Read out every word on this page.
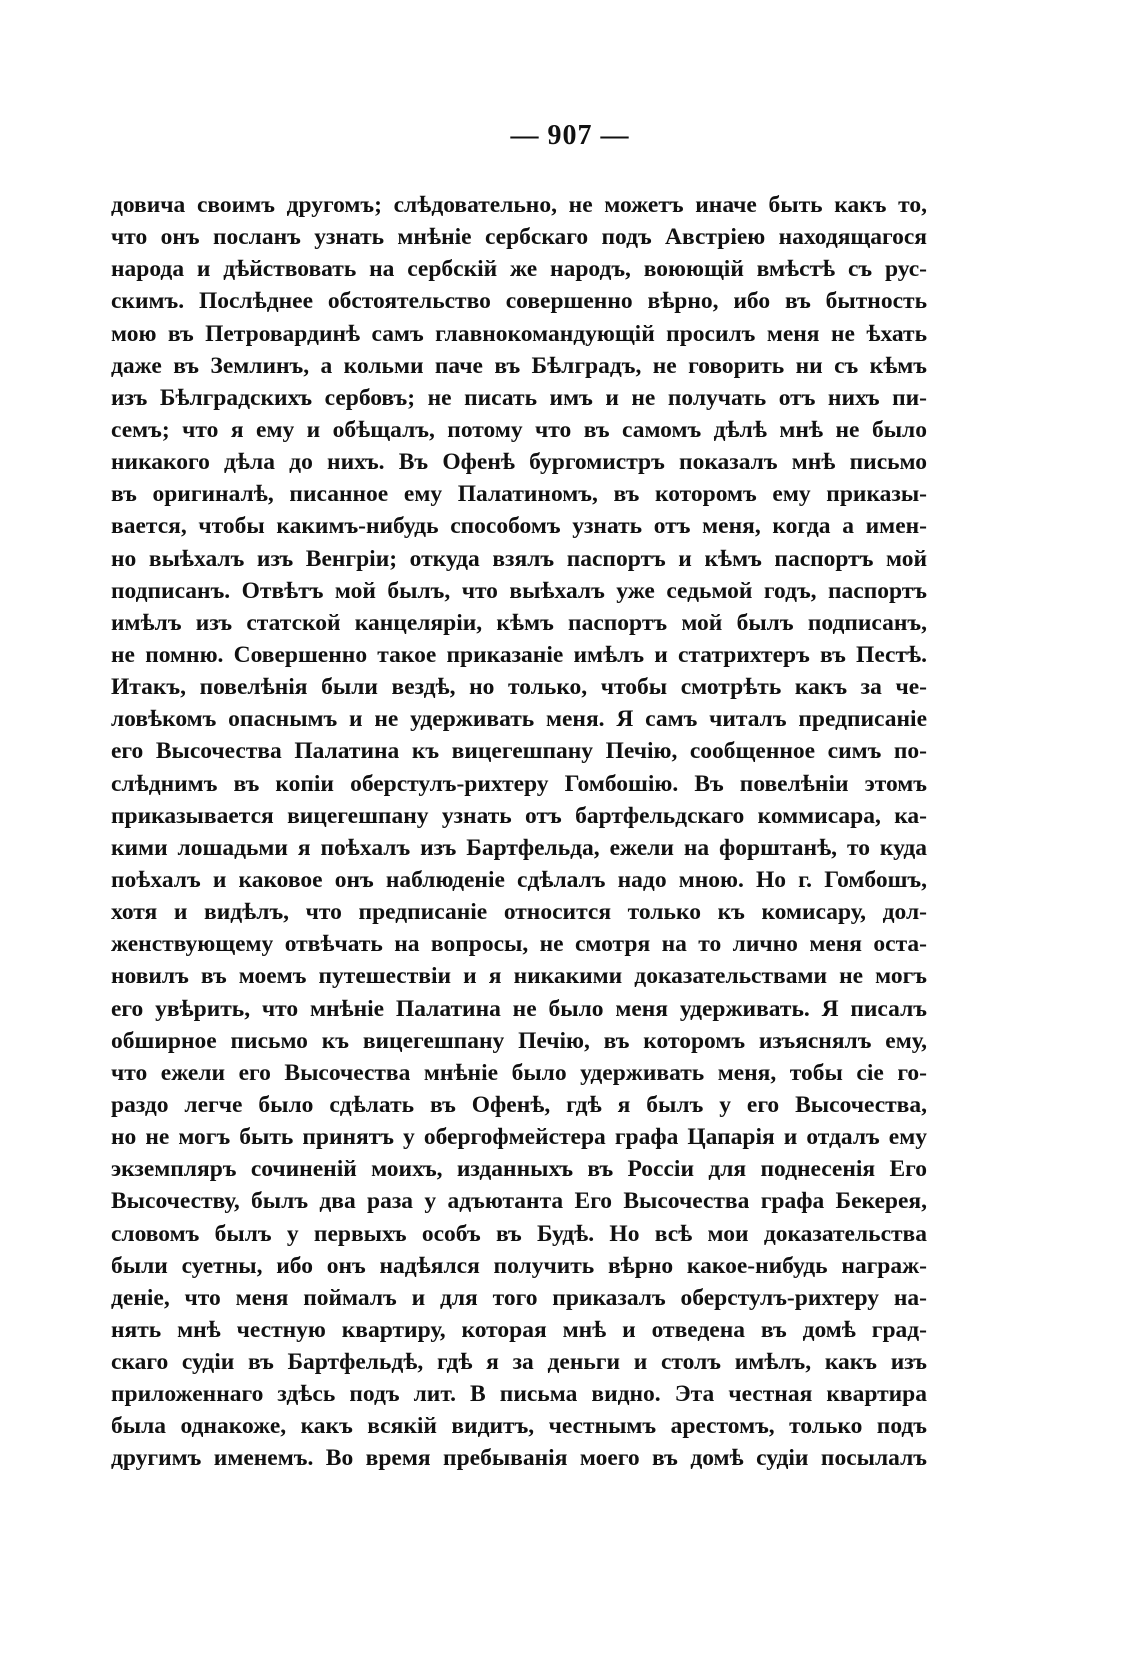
— 907 —
довича своимъ другомъ; слѣдовательно, не можетъ иначе быть какъ то,
что онъ посланъ узнать мнѣніе сербскаго подъ Австріею находящагося
народа и дѣйствовать на сербскій же народъ, воюющій вмѣстѣ съ рус-
скимъ. Послѣднее обстоятельство совершенно вѣрно, ибо въ бытность
мою въ Петровардинѣ самъ главнокомандующій просилъ меня не ѣхать
даже въ Землинъ, а кольми паче въ Бѣлградъ, не говорить ни съ кѣмъ
изъ Бѣлградскихъ сербовъ; не писать имъ и не получать отъ нихъ пи-
семъ; что я ему и обѣщалъ, потому что въ самомъ дѣлѣ мнѣ не было
никакого дѣла до нихъ. Въ Офенѣ бургомистръ показалъ мнѣ письмо
въ оригиналѣ, писанное ему Палатиномъ, въ которомъ ему приказы-
вается, чтобы какимъ-нибудь способомъ узнать отъ меня, когда а имен-
но выѣхалъ изъ Венгріи; откуда взялъ паспортъ и кѣмъ паспортъ мой
подписанъ. Отвѣтъ мой былъ, что выѣхалъ уже седьмой годъ, паспортъ
имѣлъ изъ статской канцеляріи, кѣмъ паспортъ мой былъ подписанъ,
не помню. Совершенно такое приказаніе имѣлъ и статрихтеръ въ Пестѣ.
Итакъ, повелѣнія были вездѣ, но только, чтобы смотрѣть какъ за че-
ловѣкомъ опаснымъ и не удерживать меня. Я самъ читалъ предписаніе
его Высочества Палатина къ вицегешпану Печію, сообщенное симъ по-
слѣднимъ въ копіи оберстулъ-рихтеру Гомбошію. Въ повелѣніи этомъ
приказывается вицегешпану узнать отъ бартфельдскаго коммисара, ка-
кими лошадьми я поѣхалъ изъ Бартфельда, ежели на форштанѣ, то куда
поѣхалъ и каковое онъ наблюденіе сдѣлалъ надо мною. Но г. Гомбошъ,
хотя и видѣлъ, что предписаніе относится только къ комисару, дол-
женствующему отвѣчать на вопросы, не смотря на то лично меня оста-
новилъ въ моемъ путешествіи и я никакими доказательствами не могъ
его увѣрить, что мнѣніе Палатина не было меня удерживать. Я писалъ
обширное письмо къ вицегешпану Печію, въ которомъ изъяснялъ ему,
что ежели его Высочества мнѣніе было удерживать меня, тобы сіе го-
раздо легче было сдѣлать въ Офенѣ, гдѣ я былъ у его Высочества,
но не могъ быть принятъ у обергофмейстера графа Цапарія и отдалъ ему
экземпляръ сочиненій моихъ, изданныхъ въ Россіи для поднесенія Его
Высочеству, былъ два раза у адъютанта Его Высочества графа Бекерея,
словомъ былъ у первыхъ особъ въ Будѣ. Но всѣ мои доказательства
были суетны, ибо онъ надѣялся получить вѣрно какое-нибудь награж-
деніе, что меня поймалъ и для того приказалъ оберстулъ-рихтеру на-
нять мнѣ честную квартиру, которая мнѣ и отведена въ домѣ град-
скаго судіи въ Бартфельдѣ, гдѣ я за деньги и столъ имѣлъ, какъ изъ
приложеннаго здѣсь подъ лит. B письма видно. Эта честная квартира
была однакоже, какъ всякій видитъ, честнымъ арестомъ, только подъ
другимъ именемъ. Во время пребыванія моего въ домѣ судіи посылалъ
